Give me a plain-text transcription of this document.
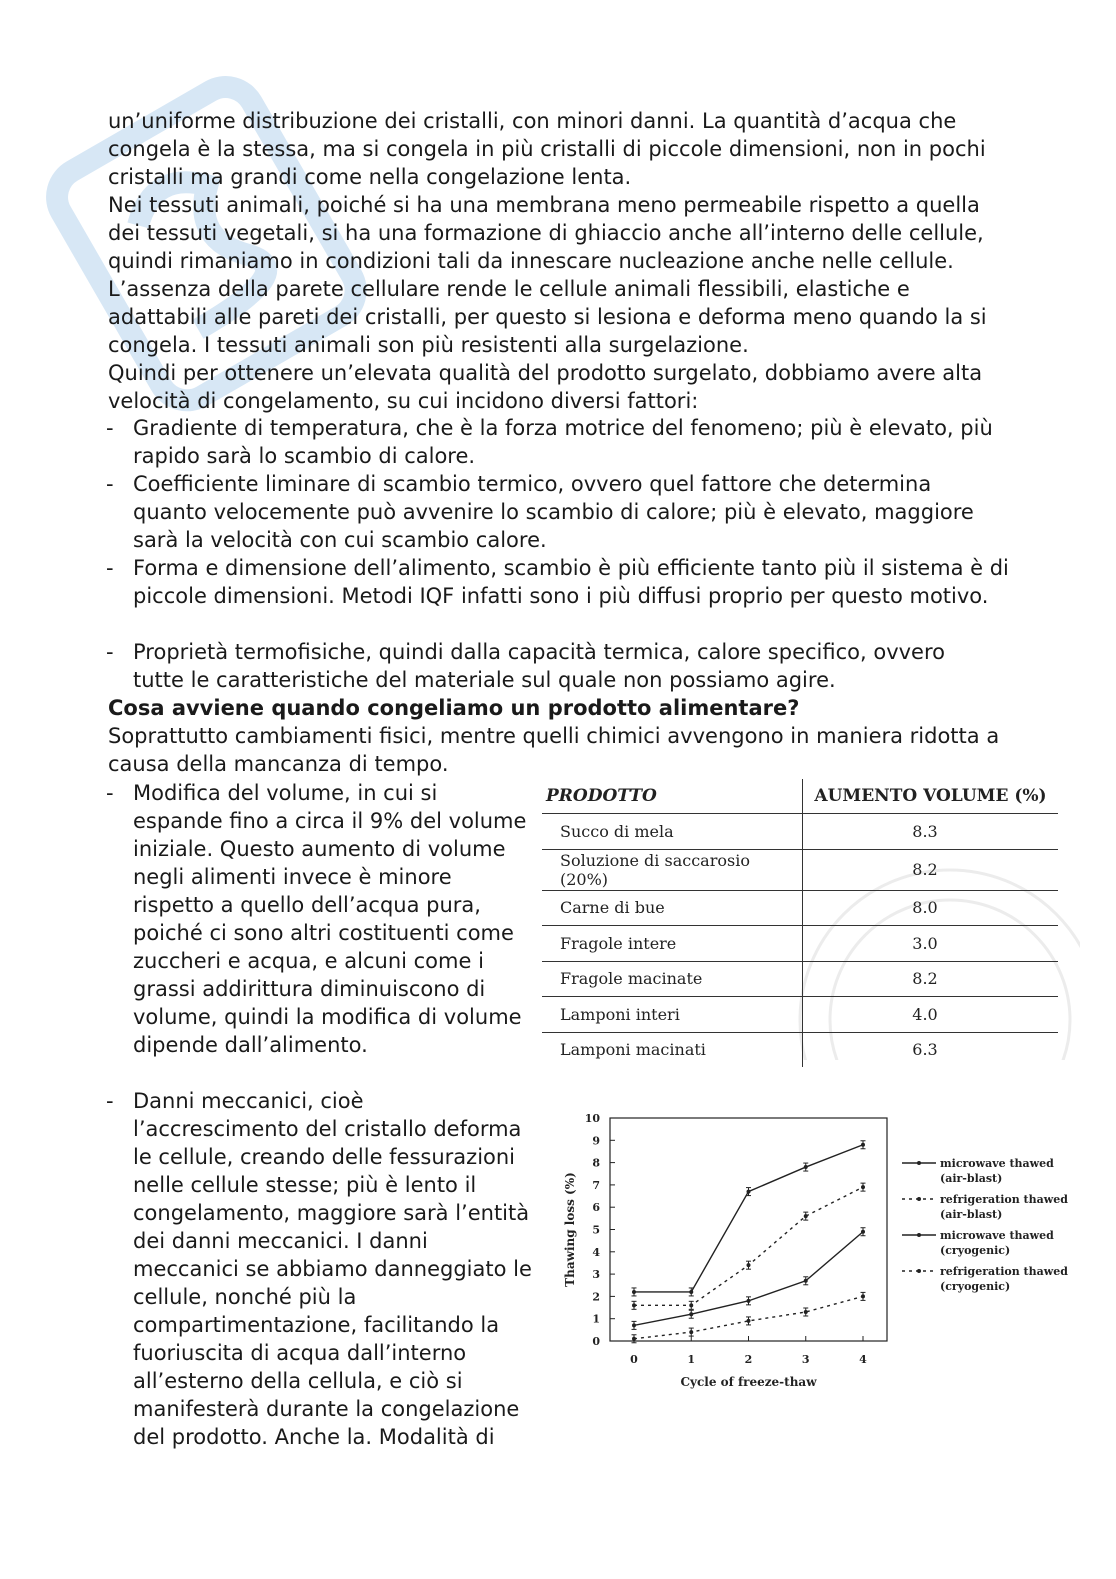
un’uniforme distribuzione dei cristalli, con minori danni. La quantità d’acqua che congela è la stessa, ma si congela in più cristalli di piccole dimensioni, non in pochi cristalli ma grandi come nella congelazione lenta.
Nei tessuti animali, poiché si ha una membrana meno permeabile rispetto a quella dei tessuti vegetali, si ha una formazione di ghiaccio anche all’interno delle cellule, quindi rimaniamo in condizioni tali da innescare nucleazione anche nelle cellule. L’assenza della parete cellulare rende le cellule animali flessibili, elastiche e adattabili alle pareti dei cristalli, per questo si lesiona e deforma meno quando la si congela. I tessuti animali son più resistenti alla surgelazione.
Quindi per ottenere un’elevata qualità del prodotto surgelato, dobbiamo avere alta velocità di congelamento, su cui incidono diversi fattori:

- Gradiente di temperatura, che è la forza motrice del fenomeno; più è elevato, più rapido sarà lo scambio di calore.

- Coefficiente liminare di scambio termico, ovvero quel fattore che determina quanto velocemente può avvenire lo scambio di calore; più è elevato, maggiore sarà la velocità con cui scambio calore.

- Forma e dimensione dell’alimento, scambio è più efficiente tanto più il sistema è di piccole dimensioni. Metodi IQF infatti sono i più diffusi proprio per questo motivo.

- Proprietà termofisiche, quindi dalla capacità termica, calore specifico, ovvero tutte le caratteristiche del materiale sul quale non possiamo agire.

Cosa avviene quando congeliamo un prodotto alimentare?

Soprattutto cambiamenti fisici, mentre quelli chimici avvengono in maniera ridotta a causa della mancanza di tempo.

- Modifica del volume, in cui si espande fino a circa il 9% del volume iniziale. Questo aumento di volume negli alimenti invece è minore rispetto a quello dell’acqua pura, poiché ci sono altri costituenti come zuccheri e acqua, e alcuni come i grassi addirittura diminuiscono di volume, quindi la modifica di volume dipende dall’alimento.

- Danni meccanici, cioè l’accrescimento del cristallo deforma le cellule, creando delle fessurazioni nelle cellule stesse; più è lento il congelamento, maggiore sarà l’entità dei danni meccanici. I danni meccanici se abbiamo danneggiato le cellule, nonché più la compartimentazione, facilitando la fuoriuscita di acqua dall’interno all’esterno della cellula, e ciò si manifesterà durante la congelazione del prodotto. Anche la. Modalità di

PRODOTTO	AUMENTO VOLUME (%)
Succo di mela	8.3
Soluzione di saccarosio (20%)	8.2
Carne di bue	8.0
Fragole intere	3.0
Fragole macinate	8.2
Lamponi interi	4.0
Lamponi macinati	6.3
0
1
2
3
4
5
6
7
8
9
10
0	1	2	3	4
Cycle of freeze-thaw
Thawing loss (%)
microwave thawed
(air-blast)
refrigeration thawed
(air-blast)
microwave thawed
(cryogenic)
refrigeration thawed
(cryogenic)
